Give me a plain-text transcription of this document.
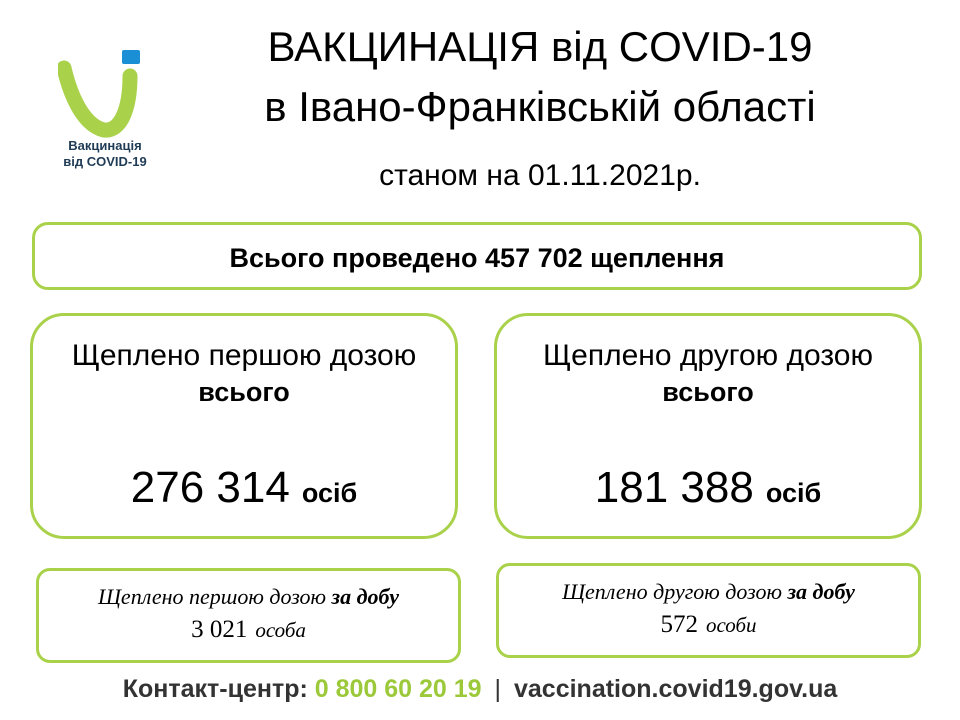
Вакцинація
від COVID-19
ВАКЦИНАЦІЯ від COVID-19
в Івано-Франківській області
станом на 01.11.2021р.
Всього проведено 457 702 щеплення
Щеплено першою дозою
всього
276 314 осіб
Щеплено другою дозою
всього
181 388 осіб
Щеплено першою дозою за добу
3 021 особа
Щеплено другою дозою за добу
572 особи
Контакт-центр: 0 800 60 20 19 | vaccination.covid19.gov.ua
